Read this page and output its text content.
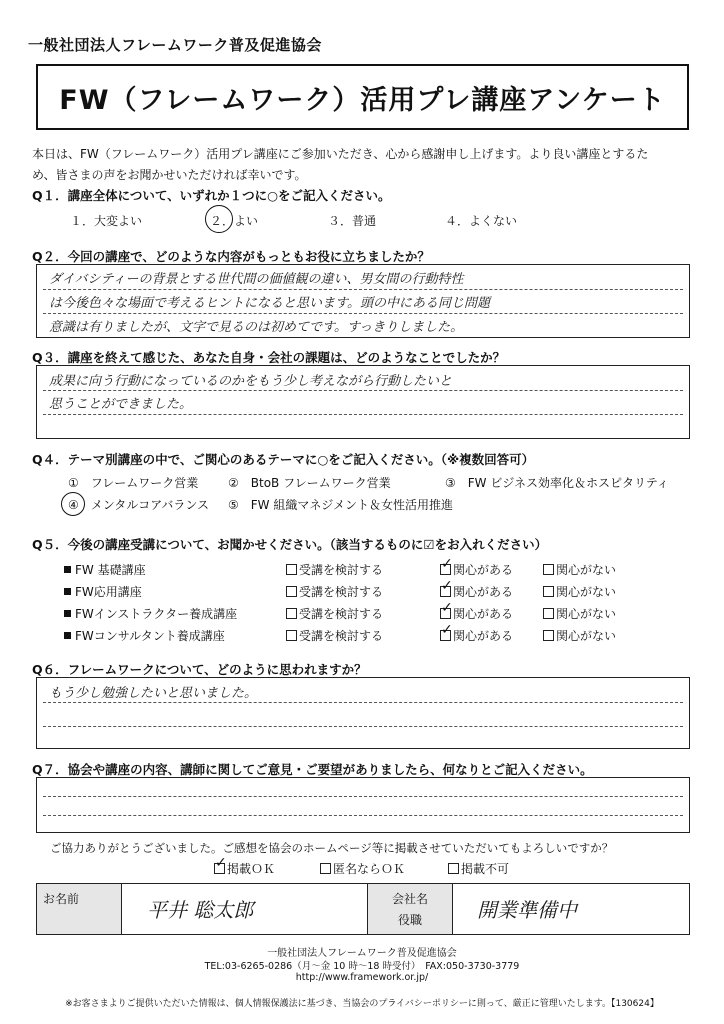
一般社団法人フレームワーク普及促進協会
FW（フレームワーク）活用プレ講座アンケート
本日は、FW（フレームワーク）活用プレ講座にご参加いただき、心から感謝申し上げます。より良い講座とするた
め、皆さまの声をお聞かせいただければ幸いです。
Q１．講座全体について、いずれか１つに○をご記入ください。
１．大変よい	２．よい	３．普通	４．よくない
Q２．今回の講座で、どのような内容がもっともお役に立ちましたか？
ダイバシティーの背景とする世代間の価値観の違い、男女間の行動特性
は今後色々な場面で考えるヒントになると思います。頭の中にある同じ問題
意識は有りましたが、文字で見るのは初めてです。すっきりしました。
Q３．講座を終えて感じた、あなた自身・会社の課題は、どのようなことでしたか？
成果に向う行動になっているのかをもう少し考えながら行動したいと
思うことができました。
Q４．テーマ別講座の中で、ご関心のあるテーマに○をご記入ください。（※複数回答可）
①　フレームワーク営業 ②　BtoB フレームワーク営業	③　FW ビジネス効率化＆ホスピタリティ
④　メンタルコアバランス ⑤　FW 組織マネジメント＆女性活用推進
Q５．今後の講座受講について、お聞かせください。（該当するものに☑をお入れください）
FW 基礎講座	受講を検討する	関心がある	関心がない
✓
FW応用講座	受講を検討する	関心がある	関心がない
✓
FWインストラクター養成講座	受講を検討する	関心がある	関心がない
✓
FWコンサルタント養成講座	受講を検討する	関心がある	関心がない
✓
Q６．フレームワークについて、どのように思われますか？
もう少し勉強したいと思いました。
Q７．協会や講座の内容、講師に関してご意見・ご要望がありましたら、何なりとご記入ください。
ご協力ありがとうございました。ご感想を協会のホームページ等に掲載させていただいてもよろしいですか？
掲載ＯＫ
✓	匿名ならＯＫ	掲載不可
お名前	平井 聡太郎	会社名
役職	開業準備中
一般社団法人フレームワーク普及促進協会
TEL:03-6265-0286（月〜金 10 時〜18 時受付）　FAX:050-3730-3779
http://www.framework.or.jp/
※お客さまよりご提供いただいた情報は、個人情報保護法に基づき、当協会のプライバシーポリシーに則って、厳正に管理いたします。【130624】
